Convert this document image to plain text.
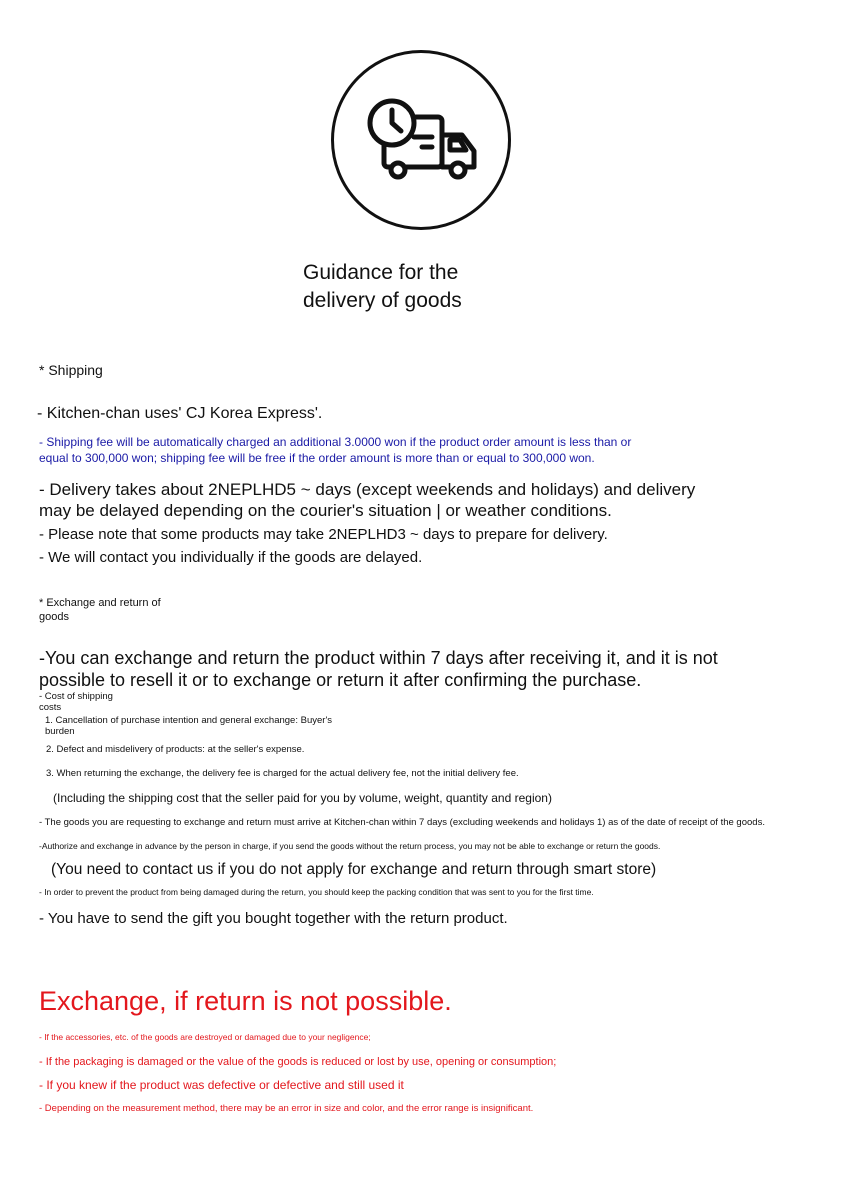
Guidance for the
delivery of goods
* Shipping
- Kitchen-chan uses' CJ Korea Express'.
- Shipping fee will be automatically charged an additional 3.0000 won if the product order amount is less than or
equal to 300,000 won; shipping fee will be free if the order amount is more than or equal to 300,000 won.
- Delivery takes about 2NEPLHD5 ~ days (except weekends and holidays) and delivery
may be delayed depending on the courier's situation | or weather conditions.
- Please note that some products may take 2NEPLHD3 ~ days to prepare for delivery.
- We will contact you individually if the goods are delayed.
* Exchange and return of
goods
-You can exchange and return the product within 7 days after receiving it, and it is not
possible to resell it or to exchange or return it after confirming the purchase.
- Cost of shipping
costs
1. Cancellation of purchase intention and general exchange: Buyer's
burden
2. Defect and misdelivery of products: at the seller's expense.
3. When returning the exchange, the delivery fee is charged for the actual delivery fee, not the initial delivery fee.
(Including the shipping cost that the seller paid for you by volume, weight, quantity and region)
- The goods you are requesting to exchange and return must arrive at Kitchen-chan within 7 days (excluding weekends and holidays 1) as of the date of receipt of the goods.
-Authorize and exchange in advance by the person in charge, if you send the goods without the return process, you may not be able to exchange or return the goods.
(You need to contact us if you do not apply for exchange and return through smart store)
- In order to prevent the product from being damaged during the return, you should keep the packing condition that was sent to you for the first time.
- You have to send the gift you bought together with the return product.
Exchange, if return is not possible.
- If the accessories, etc. of the goods are destroyed or damaged due to your negligence;
- If the packaging is damaged or the value of the goods is reduced or lost by use, opening or consumption;
- If you knew if the product was defective or defective and still used it
- Depending on the measurement method, there may be an error in size and color, and the error range is insignificant.
